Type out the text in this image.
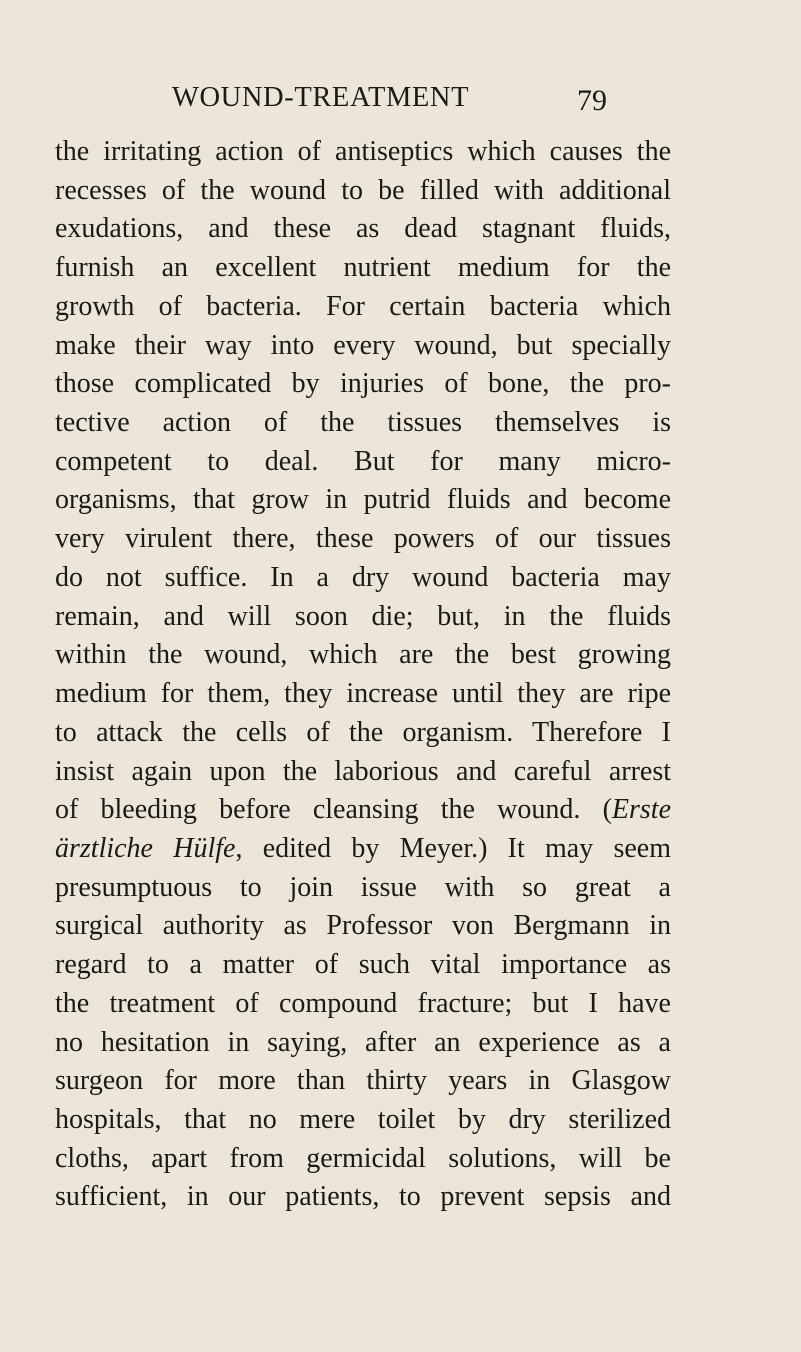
WOUND-TREATMENT	79
the irritating action of antiseptics which causes the
recesses of the wound to be filled with additional
exudations, and these as dead stagnant fluids,
furnish an excellent nutrient medium for the
growth of bacteria. For certain bacteria which
make their way into every wound, but specially
those complicated by injuries of bone, the pro-
tective action of the tissues themselves is
competent to deal. But for many micro-
organisms, that grow in putrid fluids and become
very virulent there, these powers of our tissues
do not suffice. In a dry wound bacteria may
remain, and will soon die; but, in the fluids
within the wound, which are the best growing
medium for them, they increase until they are ripe
to attack the cells of the organism. Therefore I
insist again upon the laborious and careful arrest
of bleeding before cleansing the wound. (Erste
ärztliche Hülfe, edited by Meyer.) It may seem
presumptuous to join issue with so great a
surgical authority as Professor von Bergmann in
regard to a matter of such vital importance as
the treatment of compound fracture; but I have
no hesitation in saying, after an experience as a
surgeon for more than thirty years in Glasgow
hospitals, that no mere toilet by dry sterilized
cloths, apart from germicidal solutions, will be
sufficient, in our patients, to prevent sepsis and
